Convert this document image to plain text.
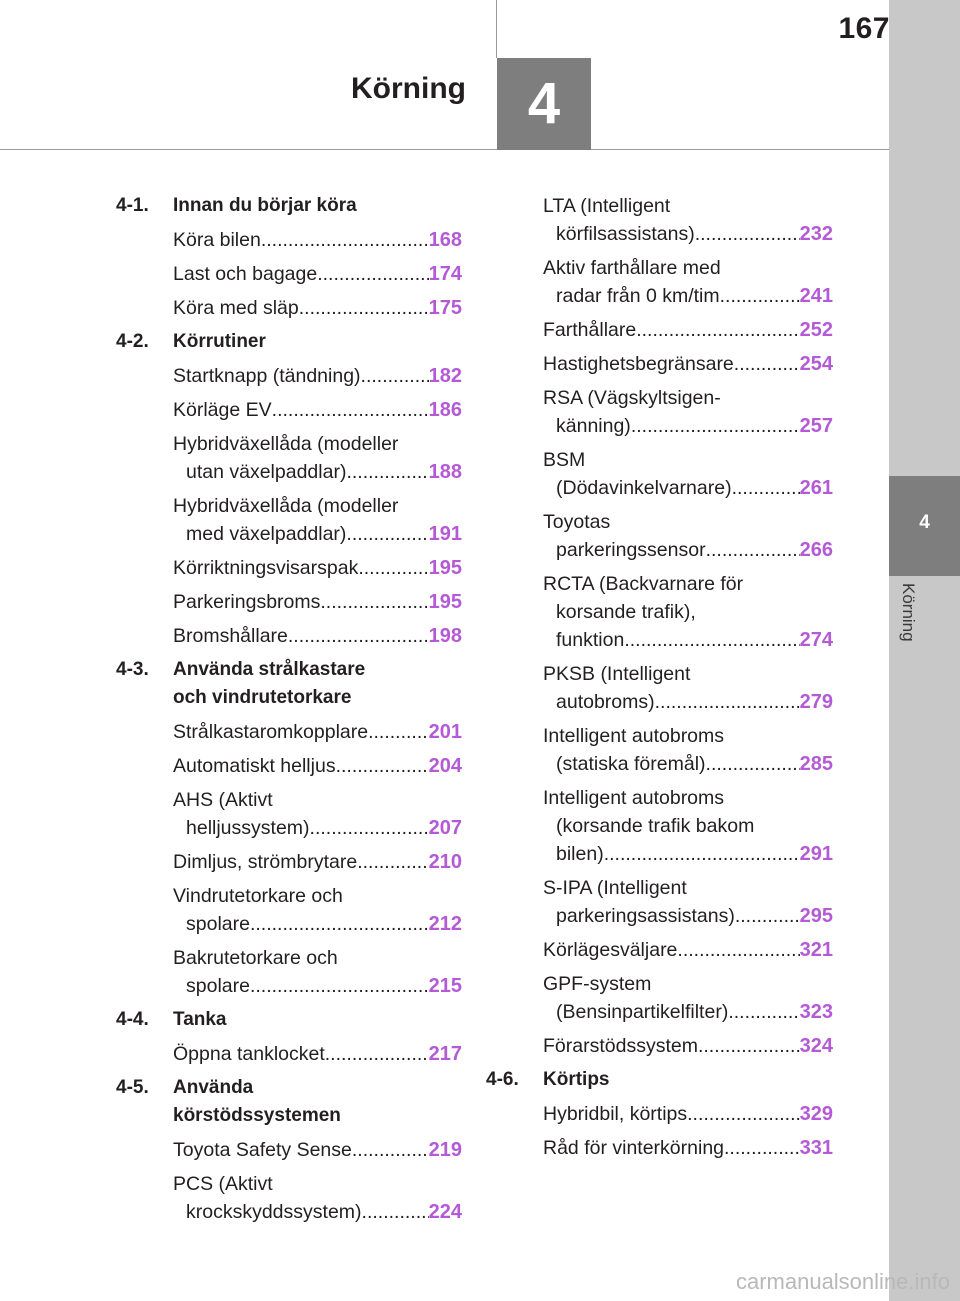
4
Körning
167
Körning	4
4-1. Innan du börjar köra
Köra bilen .....	168
Last och bagage .....	174
Köra med släp .....	175
4-2. Körrutiner
Startknapp (tändning) .....	182
Körläge EV .....	186
Hybridväxellåda (modeller
utan växelpaddlar) .....	188
Hybridväxellåda (modeller
med växelpaddlar) .....	191
Körriktningsvisarspak .....	195
Parkeringsbroms .....	195
Bromshållare .....	198
4-3. Använda strålkastare
och vindrutetorkare
Strålkastaromkopplare .....	201
Automatiskt helljus .....	204
AHS (Aktivt
helljussystem) .....	207
Dimljus, strömbrytare .....	210
Vindrutetorkare och
spolare .....	212
Bakrutetorkare och
spolare .....	215
4-4. Tanka
Öppna tanklocket .....	217
4-5. Använda
körstödssystemen
Toyota Safety Sense .....	219
PCS (Aktivt
krockskyddssystem) .....	224
LTA (Intelligent
körfilsassistans) .....	232
Aktiv farthållare med
radar från 0 km/tim .....	241
Farthållare .....	252
Hastighetsbegränsare .....	254
RSA (Vägskyltsigen-
känning) .....	257
BSM
(Dödavinkelvarnare) .....	261
Toyotas
parkeringssensor .....	266
RCTA (Backvarnare för
korsande trafik),
funktion .....	274
PKSB (Intelligent
autobroms) .....	279
Intelligent autobroms
(statiska föremål) .....	285
Intelligent autobroms
(korsande trafik bakom
bilen) .....	291
S-IPA (Intelligent
parkeringsassistans) .....	295
Körlägesväljare .....	321
GPF-system
(Bensinpartikelfilter) .....	323
Förarstödssystem .....	324
4-6. Körtips
Hybridbil, körtips .....	329
Råd för vinterkörning .....	331
carmanualsonline.info
